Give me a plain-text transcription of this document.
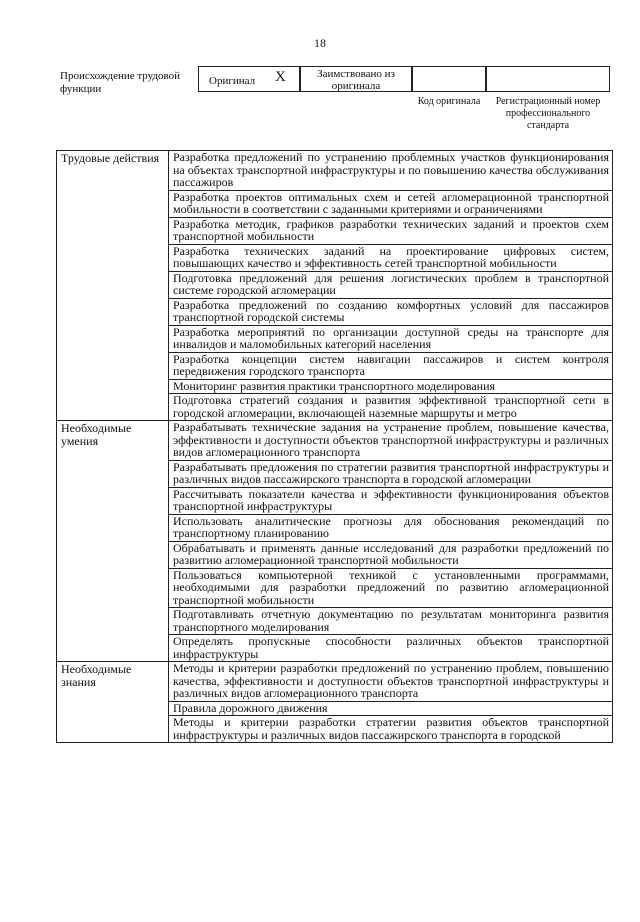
18
Происхождение трудовой функции
Оригинал X	Заимствовано из оригинала
Код оригинала	Регистрационный номер профессионального стандарта
Трудовые действия	Разработка предложений по устранению проблемных участков функционирования на объектах транспортной инфраструктуры и по повышению качества обслуживания пассажиров
	Разработка проектов оптимальных схем и сетей агломерационной транспортной мобильности в соответствии с заданными критериями и ограничениями
	Разработка методик, графиков разработки технических заданий и проектов схем транспортной мобильности
	Разработка технических заданий на проектирование цифровых систем, повышающих качество и эффективность сетей транспортной мобильности
	Подготовка предложений для решения логистических проблем в транспортной системе городской агломерации
	Разработка предложений по созданию комфортных условий для пассажиров транспортной городской системы
	Разработка мероприятий по организации доступной среды на транспорте для инвалидов и маломобильных категорий населения
	Разработка концепции систем навигации пассажиров и систем контроля передвижения городского транспорта
	Мониторинг развития практики транспортного моделирования
	Подготовка стратегий создания и развития эффективной транспортной сети в городской агломерации, включающей наземные маршруты и метро
Необходимые умения	Разрабатывать технические задания на устранение проблем, повышение качества, эффективности и доступности объектов транспортной инфраструктуры и различных видов агломерационного транспорта
	Разрабатывать предложения по стратегии развития транспортной инфраструктуры и различных видов пассажирского транспорта в городской агломерации
	Рассчитывать показатели качества и эффективности функционирования объектов транспортной инфраструктуры
	Использовать аналитические прогнозы для обоснования рекомендаций по транспортному планированию
	Обрабатывать и применять данные исследований для разработки предложений по развитию агломерационной транспортной мобильности
	Пользоваться компьютерной техникой с установленными программами, необходимыми для разработки предложений по развитию агломерационной транспортной мобильности
	Подготавливать отчетную документацию по результатам мониторинга развития транспортного моделирования
	Определять пропускные способности различных объектов транспортной инфраструктуры
Необходимые знания	Методы и критерии разработки предложений по устранению проблем, повышению качества, эффективности и доступности объектов транспортной инфраструктуры и различных видов агломерационного транспорта
	Правила дорожного движения
	Методы и критерии разработки стратегии развития объектов транспортной инфраструктуры и различных видов пассажирского транспорта в городской
